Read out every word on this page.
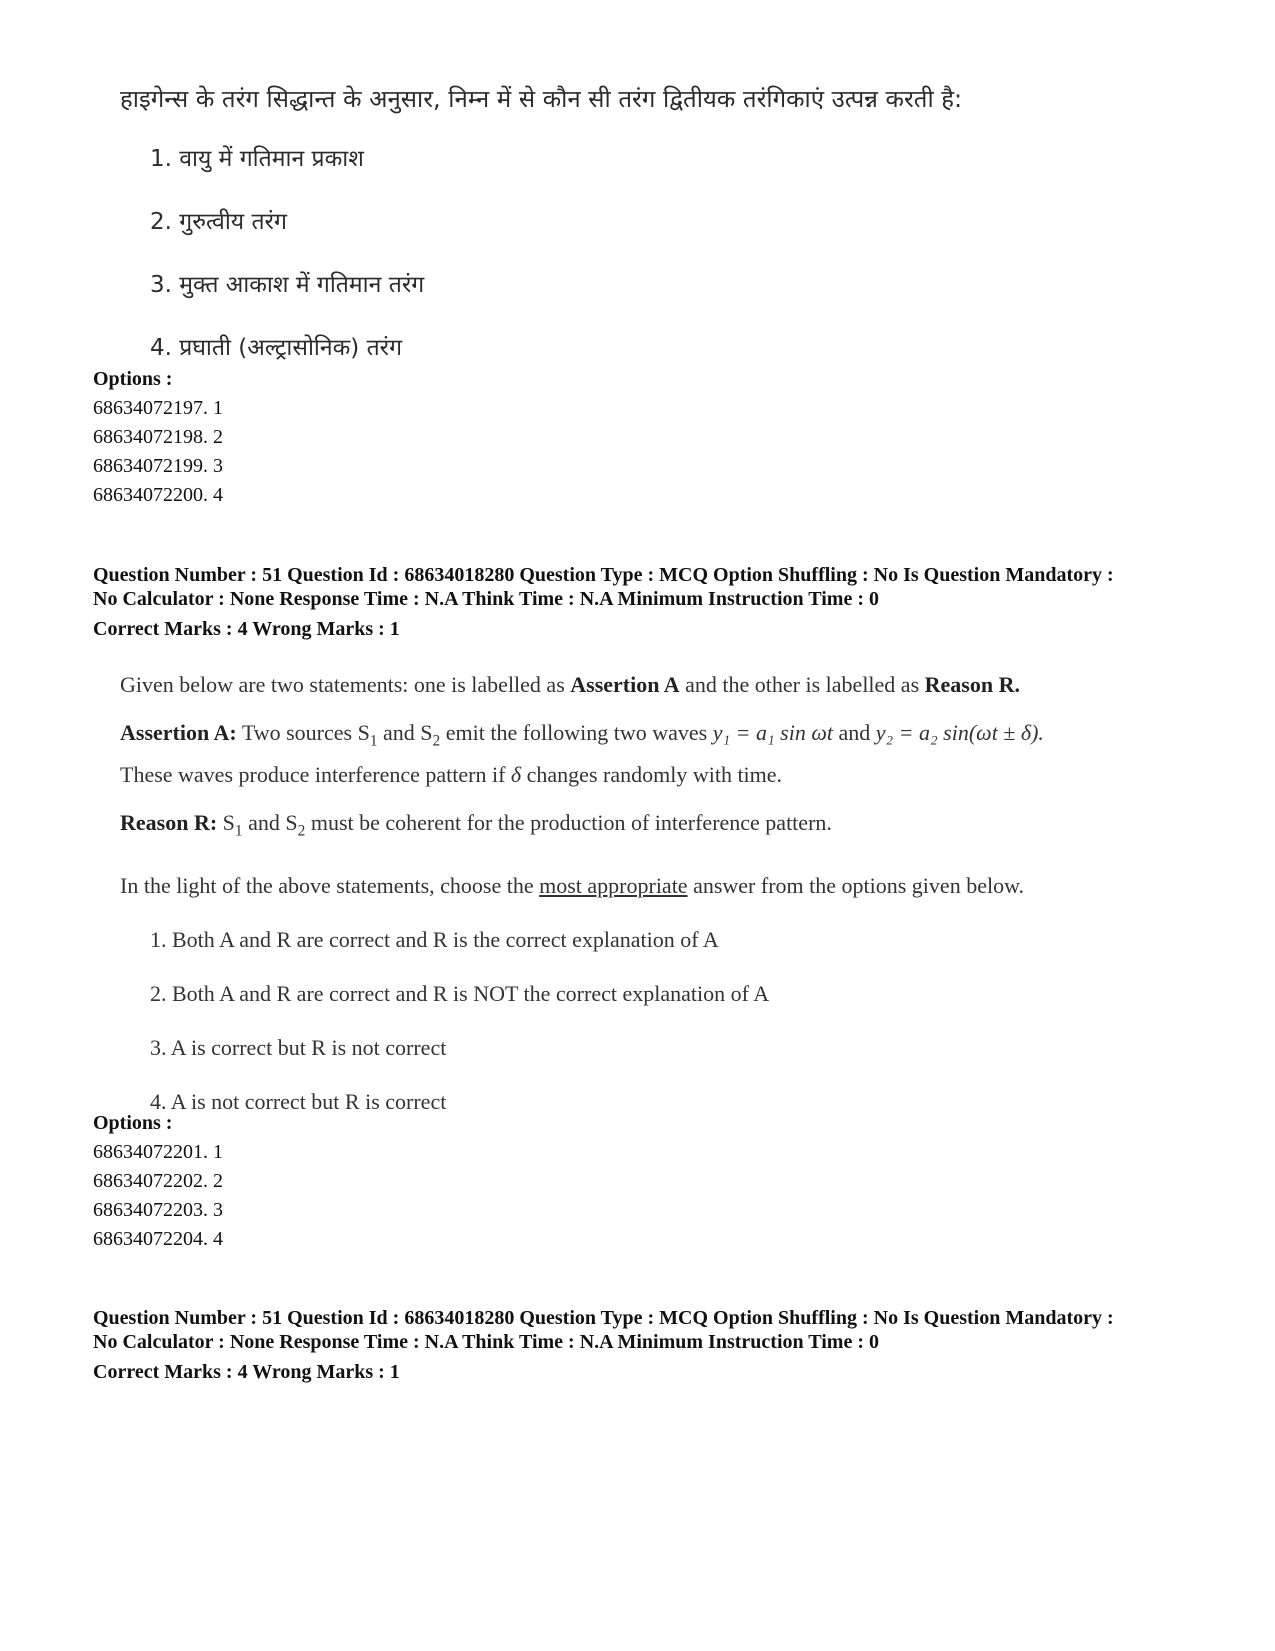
हाइगेन्स के तरंग सिद्धान्त के अनुसार, निम्न में से कौन सी तरंग द्वितीयक तरंगिकाएं उत्पन्न करती है:

1. वायु में गतिमान प्रकाश

2. गुरुत्वीय तरंग

3. मुक्त आकाश में गतिमान तरंग

4. प्रघाती (अल्ट्रासोनिक) तरंग

Options :
68634072197. 1
68634072198. 2
68634072199. 3
68634072200. 4
Question Number : 51 Question Id : 68634018280 Question Type : MCQ Option Shuffling : No Is Question Mandatory :
No Calculator : None Response Time : N.A Think Time : N.A Minimum Instruction Time : 0
Correct Marks : 4 Wrong Marks : 1

Given below are two statements: one is labelled as Assertion A and the other is labelled as Reason R.

Assertion A: Two sources $S_1$ and $S_2$ emit the following two waves y₁ = a₁ sin ωt and y₂ = a₂ sin(ωt ± δ).
These waves produce interference pattern if δ changes randomly with time.

Reason R: $S_1$ and $S_2$ must be coherent for the production of interference pattern.

In the light of the above statements, choose the most appropriate answer from the options given below.

1. Both A and R are correct and R is the correct explanation of A

2. Both A and R are correct and R is NOT the correct explanation of A

3. A is correct but R is not correct

4. A is not correct but R is correct

Options :
68634072201. 1
68634072202. 2
68634072203. 3
68634072204. 4
Question Number : 51 Question Id : 68634018280 Question Type : MCQ Option Shuffling : No Is Question Mandatory :
No Calculator : None Response Time : N.A Think Time : N.A Minimum Instruction Time : 0
Correct Marks : 4 Wrong Marks : 1
